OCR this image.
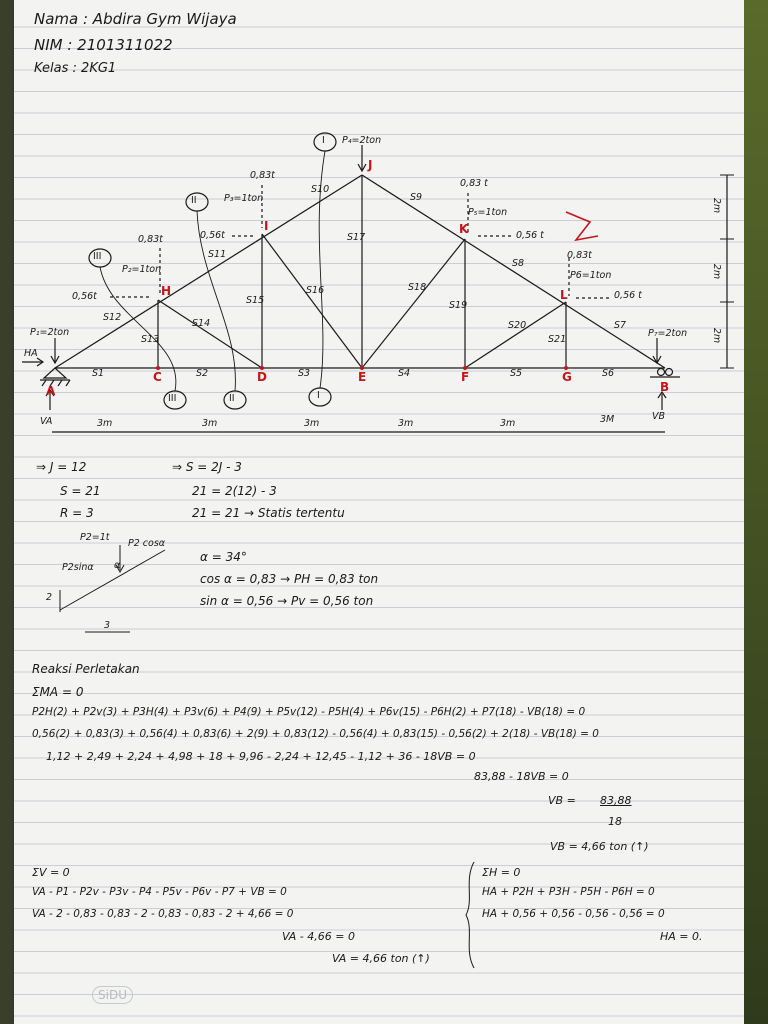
Nama : Abdira Gym Wijaya
NIM : 2101311022
Kelas : 2KG1
A
C	D	E	F	G
B
H
I
J
K
L
S1	S2	S3	S4	S5	S6
S7
S8
S9
S10
S11
S12
S13
S14
S15
S16
S17
S18
S19
S20
S21
I
II
III
I
II
III
P₁=2ton
P₂=1ton
P₃=1ton
P₄=2ton
P₅=1ton
P6=1ton
P₇=2ton
0,83t
0,56t
0,83t
0,56t
0,83 t
0,56 t
0,83t
0,56 t
HA
VA	VB
3m	3m	3m	3m	3m	3M
2m
2m
2m
⇒ J = 12
S = 21
R = 3
⇒ S = 2J - 3
21 = 2(12) - 3
21 = 21 → Statis tertentu
P2=1t
P2 cosα
P2sinα α
2
3
α = 34°
cos α = 0,83 → PH = 0,83 ton
sin α = 0,56 → Pv = 0,56 ton
Reaksi Perletakan
ΣMA = 0
P2H(2) + P2v(3) + P3H(4) + P3v(6) + P4(9) + P5v(12) - P5H(4) + P6v(15) - P6H(2) + P7(18) - VB(18) = 0
0,56(2) + 0,83(3) + 0,56(4) + 0,83(6) + 2(9) + 0,83(12) - 0,56(4) + 0,83(15) - 0,56(2) + 2(18) - VB(18) = 0
1,12 + 2,49 + 2,24 + 4,98 + 18 + 9,96 - 2,24 + 12,45 - 1,12 + 36 - 18VB = 0
83,88 - 18VB = 0
VB = 83,88
18
VB = 4,66 ton (↑)
ΣV = 0
VA - P1 - P2v - P3v - P4 - P5v - P6v - P7 + VB = 0
VA - 2 - 0,83 - 0,83 - 2 - 0,83 - 0,83 - 2 + 4,66 = 0
VA - 4,66 = 0
VA = 4,66 ton (↑)
ΣH = 0
HA + P2H + P3H - P5H - P6H = 0
HA + 0,56 + 0,56 - 0,56 - 0,56 = 0
HA = 0.
SiDU
